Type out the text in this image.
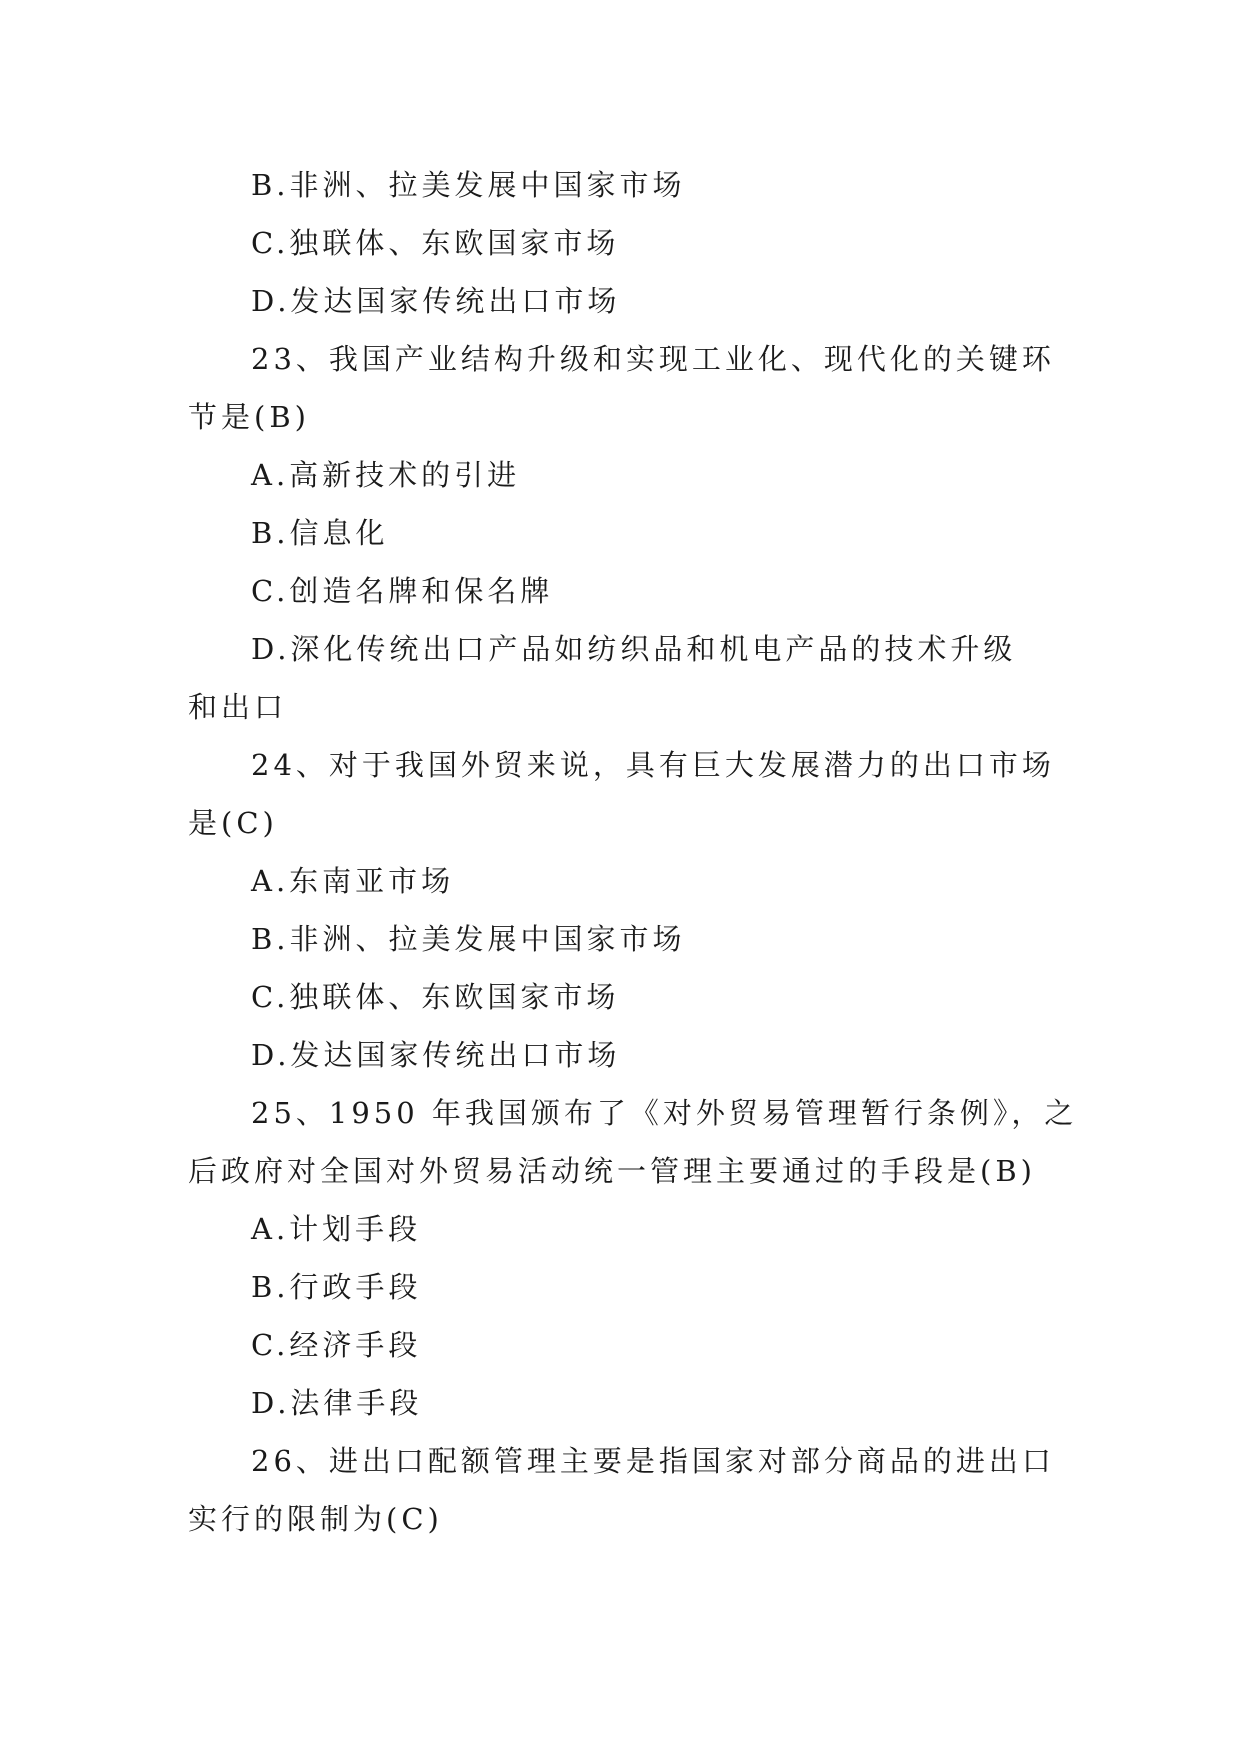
B.非洲、拉美发展中国家市场
C.独联体、东欧国家市场
D.发达国家传统出口市场
23、我国产业结构升级和实现工业化、现代化的关键环
节是(B)
A.高新技术的引进
B.信息化
C.创造名牌和保名牌
D.深化传统出口产品如纺织品和机电产品的技术升级
和出口
24、对于我国外贸来说，具有巨大发展潜力的出口市场
是(C)
A.东南亚市场
B.非洲、拉美发展中国家市场
C.独联体、东欧国家市场
D.发达国家传统出口市场
25、1950 年我国颁布了《对外贸易管理暂行条例》，之
后政府对全国对外贸易活动统一管理主要通过的手段是(B)
A.计划手段
B.行政手段
C.经济手段
D.法律手段
26、进出口配额管理主要是指国家对部分商品的进出口
实行的限制为(C)
